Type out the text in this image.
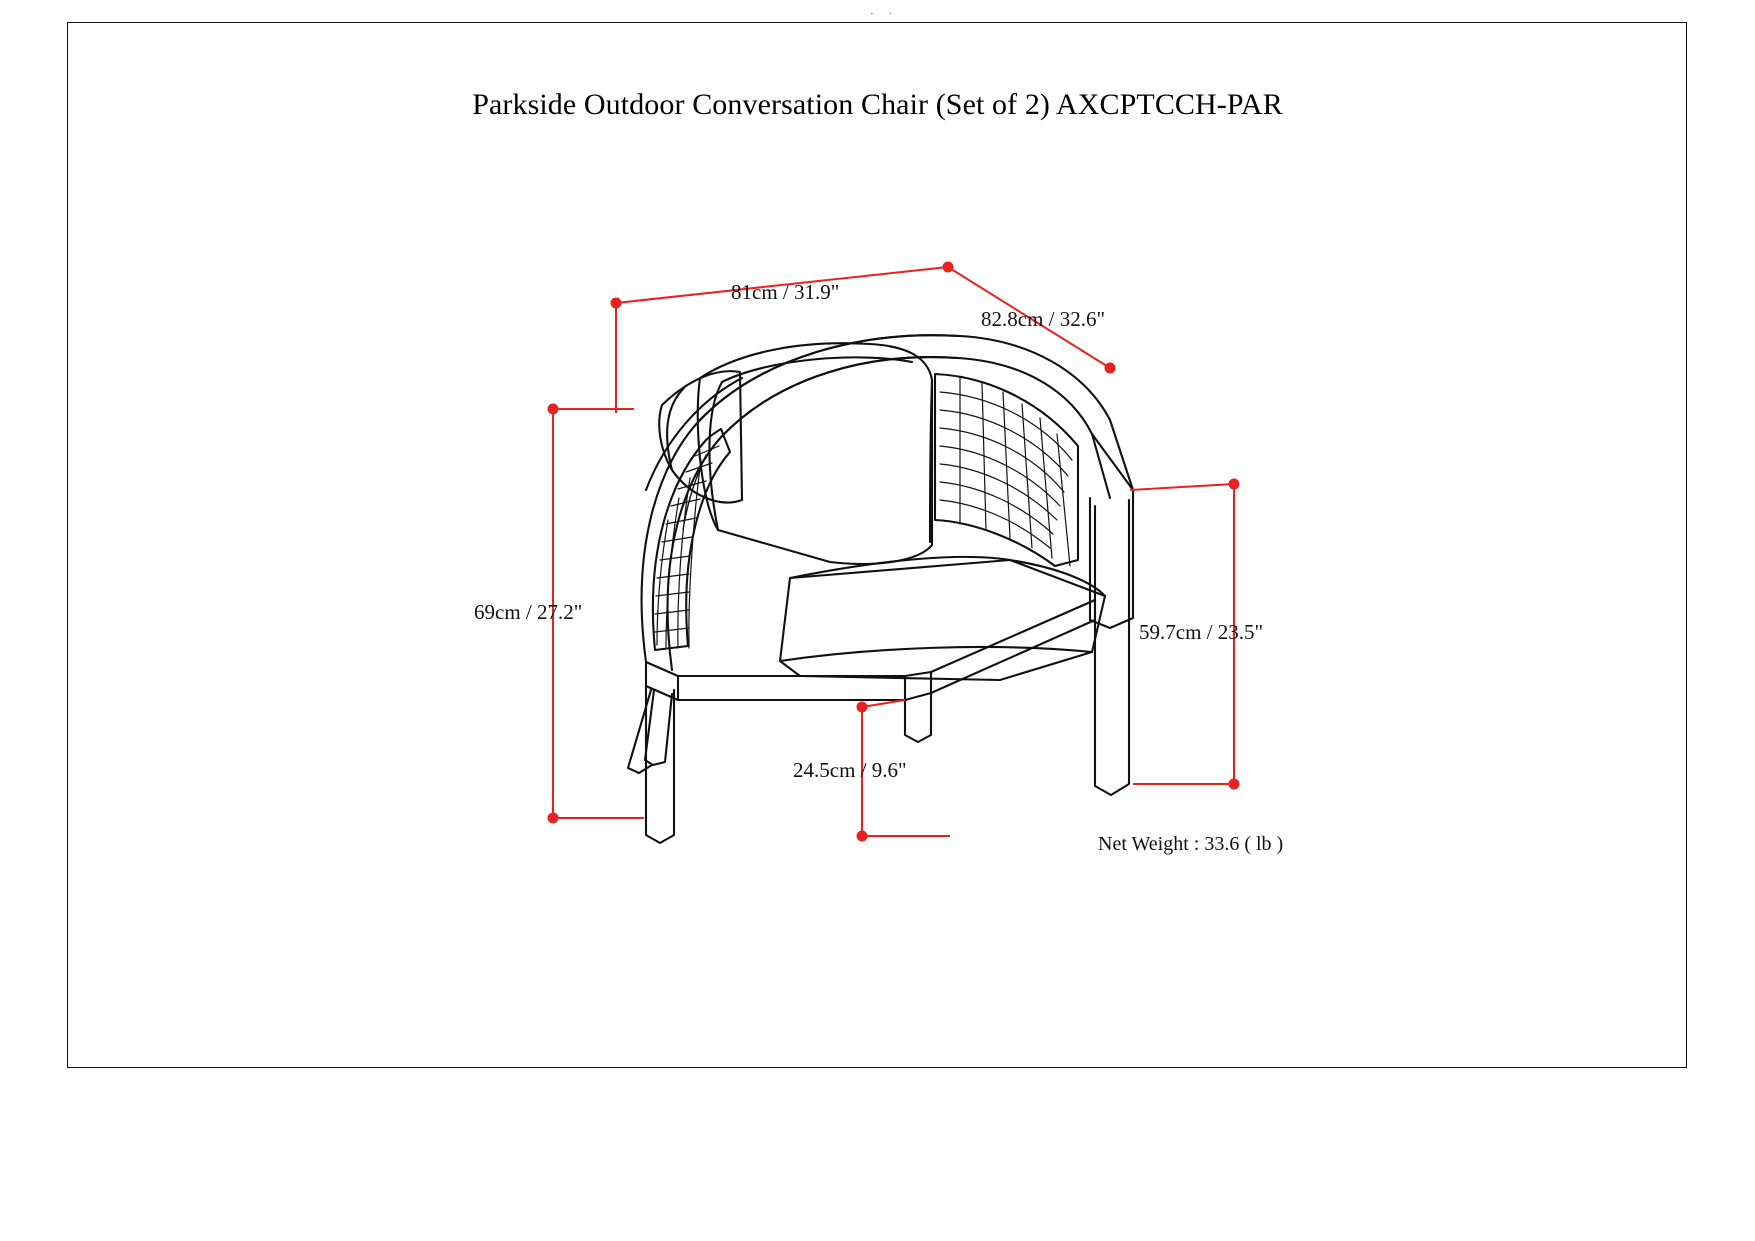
· ·
Parkside Outdoor Conversation Chair (Set of 2) AXCPTCCH-PAR
81cm / 31.9"
82.8cm / 32.6"
69cm / 27.2"
59.7cm / 23.5"
24.5cm / 9.6"
Net Weight : 33.6 ( lb )
